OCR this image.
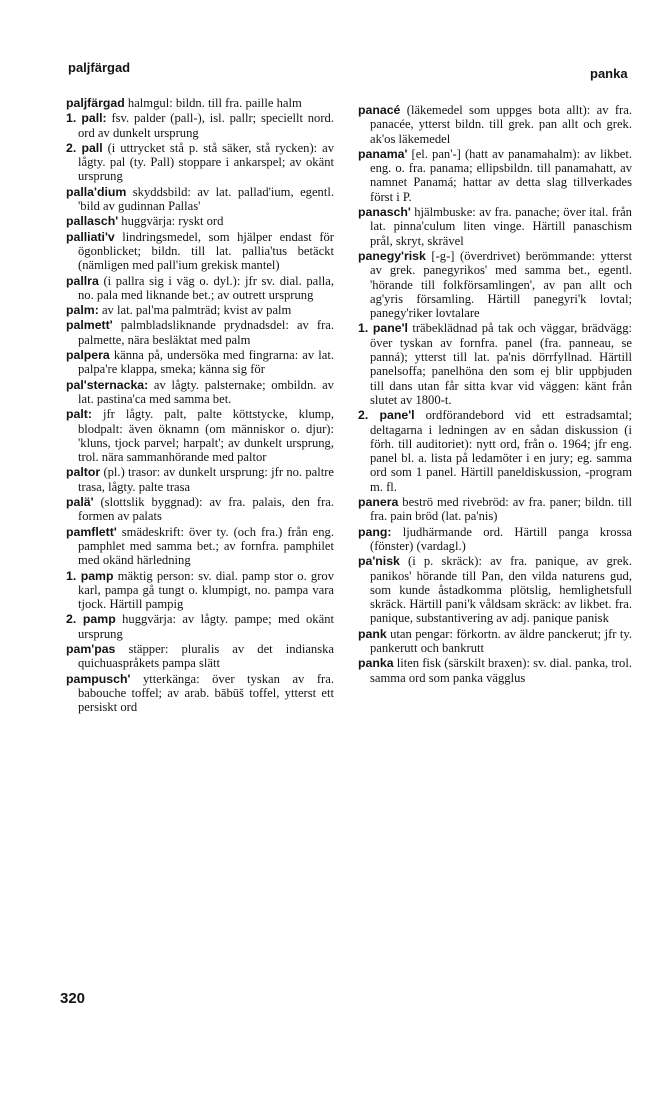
paljfärgad	panka

paljfärgad halmgul: bildn. till fra. paille halm

1. pall: fsv. palder (pall-), isl. pallr; speciellt nord. ord av dunkelt ursprung

2. pall (i uttrycket stå p. stå säker, stå rycken): av lågty. pal (ty. Pall) stoppare i ankarspel; av okänt ursprung

palla'dium skyddsbild: av lat. pallad'ium, egentl. 'bild av gudinnan Pallas'

pallasch' huggvärja: ryskt ord

palliati'v lindringsmedel, som hjälper endast för ögonblicket; bildn. till lat. pallia'tus betäckt (nämligen med pall'ium grekisk mantel)

pallra (i pallra sig i väg o. dyl.): jfr sv. dial. palla, no. pala med liknande bet.; av outrett ursprung

palm: av lat. pal'ma palmträd; kvist av palm

palmett' palmbladsliknande prydnadsdel: av fra. palmette, nära besläktat med palm

palpera känna på, undersöka med fingrarna: av lat. palpa're klappa, smeka; känna sig för

pal'sternacka: av lågty. palsternake; ombildn. av lat. pastina'ca med samma bet.

palt: jfr lågty. palt, palte köttstycke, klump, blodpalt: även öknamn (om människor o. djur): 'kluns, tjock parvel; harpalt'; av dunkelt ursprung, trol. nära sammanhörande med paltor

paltor (pl.) trasor: av dunkelt ursprung: jfr no. paltre trasa, lågty. palte trasa

palä' (slottslik byggnad): av fra. palais, den fra. formen av palats

pamflett' smädeskrift: över ty. (och fra.) från eng. pamphlet med samma bet.; av fornfra. pamphilet med okänd härledning

1. pamp mäktig person: sv. dial. pamp stor o. grov karl, pampa gå tungt o. klumpigt, no. pampa vara tjock. Härtill pampig

2. pamp huggvärja: av lågty. pampe; med okänt ursprung

pam'pas stäpper: pluralis av det indianska quichuaspråkets pampa slätt

pampusch' ytterkänga: över tyskan av fra. babouche toffel; av arab. bābūš toffel, ytterst ett persiskt ord

panacé (läkemedel som uppges bota allt): av fra. panacée, ytterst bildn. till grek. pan allt och grek. ak'os läkemedel

panama' [el. pan'-] (hatt av panamahalm): av likbet. eng. o. fra. panama; ellipsbildn. till panamahatt, av namnet Panamá; hattar av detta slag tillverkades först i P.

panasch' hjälmbuske: av fra. panache; över ital. från lat. pinna'culum liten vinge. Härtill panaschism prål, skryt, skrävel

panegy'risk [-g-] (överdrivet) berömmande: ytterst av grek. panegyrikos' med samma bet., egentl. 'hörande till folkförsamlingen', av pan allt och ag'yris församling. Härtill panegyri'k lovtal; panegy'riker lovtalare

1. pane'l träbeklädnad på tak och väggar, brädvägg: över tyskan av fornfra. panel (fra. panneau, se panná); ytterst till lat. pa'nis dörrfyllnad. Härtill panelsoffa; panelhöna den som ej blir uppbjuden till dans utan får sitta kvar vid väggen: känt från slutet av 1800-t.

2. pane'l ordförandebord vid ett estradsamtal; deltagarna i ledningen av en sådan diskussion (i förh. till auditoriet): nytt ord, från o. 1964; jfr eng. panel bl. a. lista på ledamöter i en jury; eg. samma ord som 1 panel. Härtill paneldiskussion, -program m. fl.

panera beströ med rivebröd: av fra. paner; bildn. till fra. pain bröd (lat. pa'nis)

pang: ljudhärmande ord. Härtill panga krossa (fönster) (vardagl.)

pa'nisk (i p. skräck): av fra. panique, av grek. panikos' hörande till Pan, den vilda naturens gud, som kunde åstadkomma plötslig, hemlighetsfull skräck. Härtill pani'k våldsam skräck: av likbet. fra. panique, substantivering av adj. panique panisk

pank utan pengar: förkortn. av äldre panckerut; jfr ty. pankerutt och bankrutt

panka liten fisk (särskilt braxen): sv. dial. panka, trol. samma ord som panka vägglus

320
